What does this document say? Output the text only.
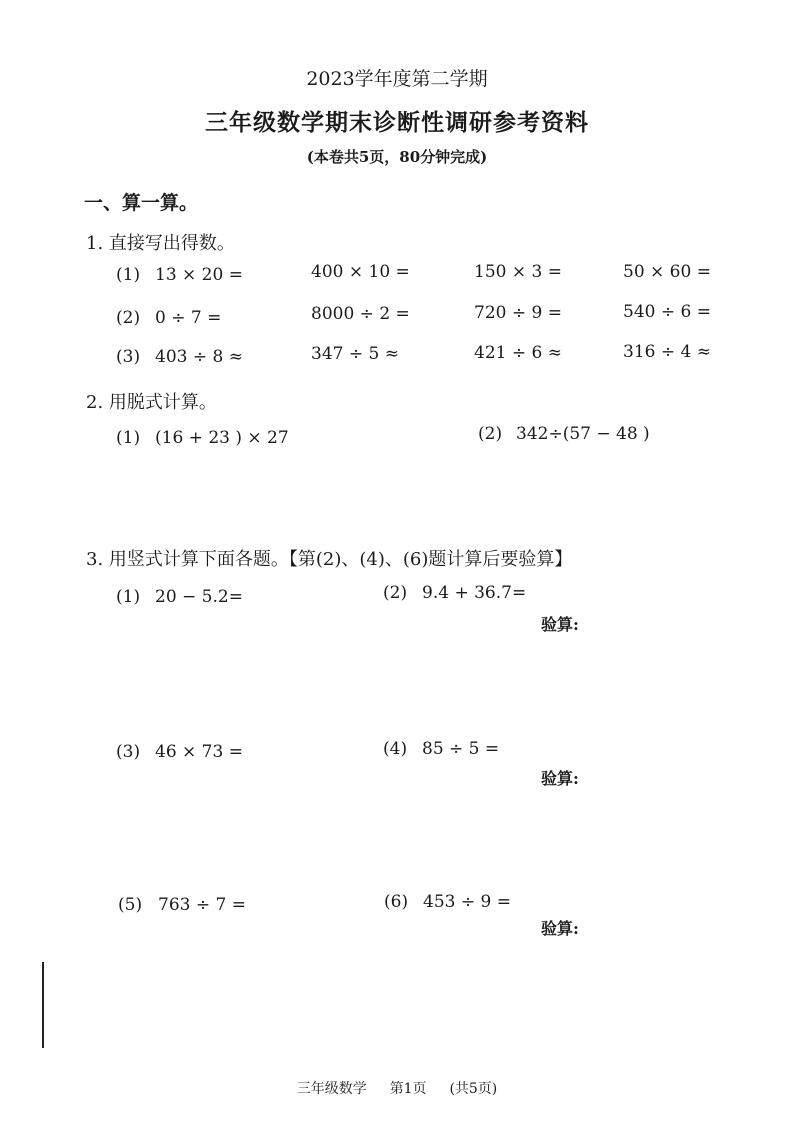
2023学年度第二学期
三年级数学期末诊断性调研参考资料
(本卷共5页，80分钟完成)
一、算一算。
1. 直接写出得数。
(1) 13 × 20 =	400 × 10 =	150 × 3 =	50 × 60 =
(2) 0 ÷ 7 =	8000 ÷ 2 =	720 ÷ 9 =	540 ÷ 6 =
(3) 403 ÷ 8 ≈	347 ÷ 5 ≈	421 ÷ 6 ≈	316 ÷ 4 ≈
2. 用脱式计算。
(1) (16 + 23 ) × 27	(2) 342÷(57 − 48 )
3. 用竖式计算下面各题。【第(2)、(4)、(6)题计算后要验算】
(1) 20 − 5.2=	(2) 9.4 + 36.7=
验算:
(3) 46 × 73 =	(4) 85 ÷ 5 =
验算:
(5) 763 ÷ 7 =	(6) 453 ÷ 9 =
验算:
三年级数学 第1页 (共5页)
